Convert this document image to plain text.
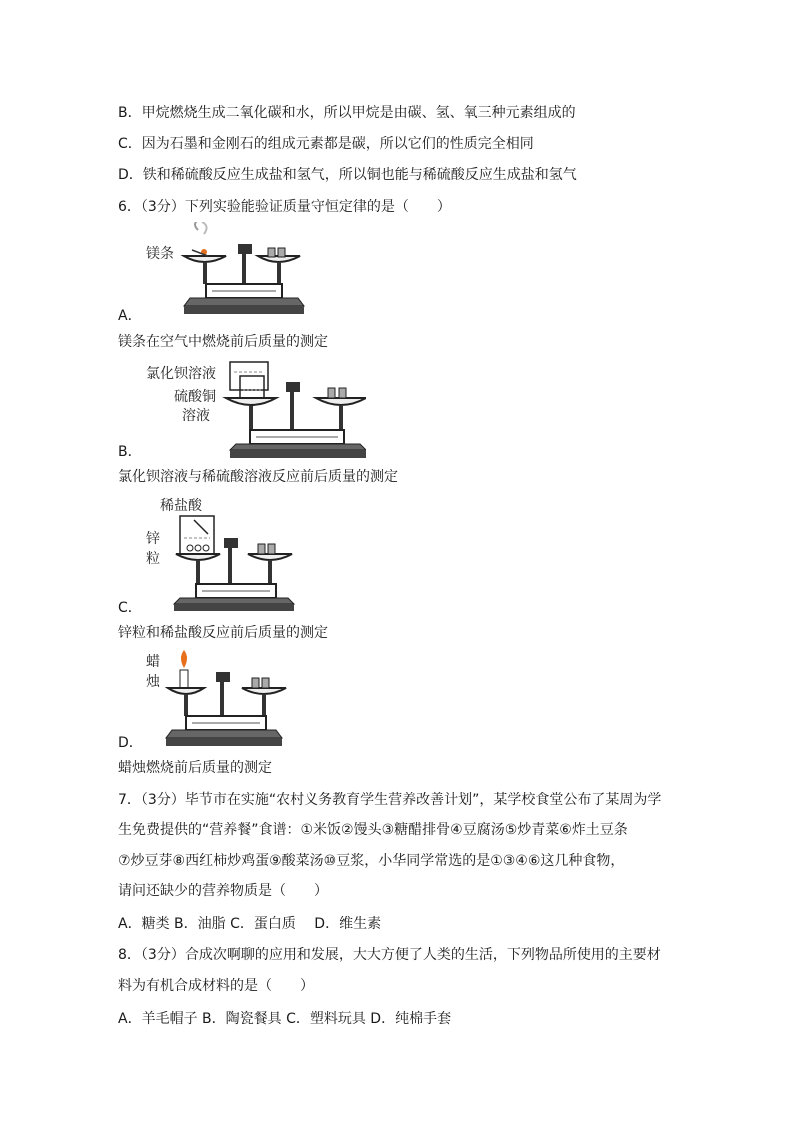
B．甲烷燃烧生成二氧化碳和水，所以甲烷是由碳、氢、氧三种元素组成的
C．因为石墨和金刚石的组成元素都是碳，所以它们的性质完全相同
D．铁和稀硫酸反应生成盐和氢气，所以铜也能与稀硫酸反应生成盐和氢气
6．（3分）下列实验能验证质量守恒定律的是（　　）
镁条
A．
镁条在空气中燃烧前后质量的测定
氯化钡溶液
硫酸铜
溶液
B．
氯化钡溶液与稀硫酸溶液反应前后质量的测定
稀盐酸
锌
粒
C．
锌粒和稀盐酸反应前后质量的测定
蜡
烛
D．
蜡烛燃烧前后质量的测定
7．（3分）毕节市在实施“农村义务教育学生营养改善计划”，某学校食堂公布了某周为学
生免费提供的“营养餐”食谱：①米饭②馒头③糖醋排骨④豆腐汤⑤炒青菜⑥炸土豆条
⑦炒豆芽⑧西红柿炒鸡蛋⑨酸菜汤⑩豆浆，小华同学常选的是①③④⑥这几种食物，
请问还缺少的营养物质是（　　）
A．糖类 B．油脂 C．蛋白质　 D．维生素
8．（3分）合成次啊聊的应用和发展，大大方便了人类的生活，下列物品所使用的主要材
料为有机合成材料的是（　　）
A．羊毛帽子 B．陶瓷餐具 C．塑料玩具 D．纯棉手套
